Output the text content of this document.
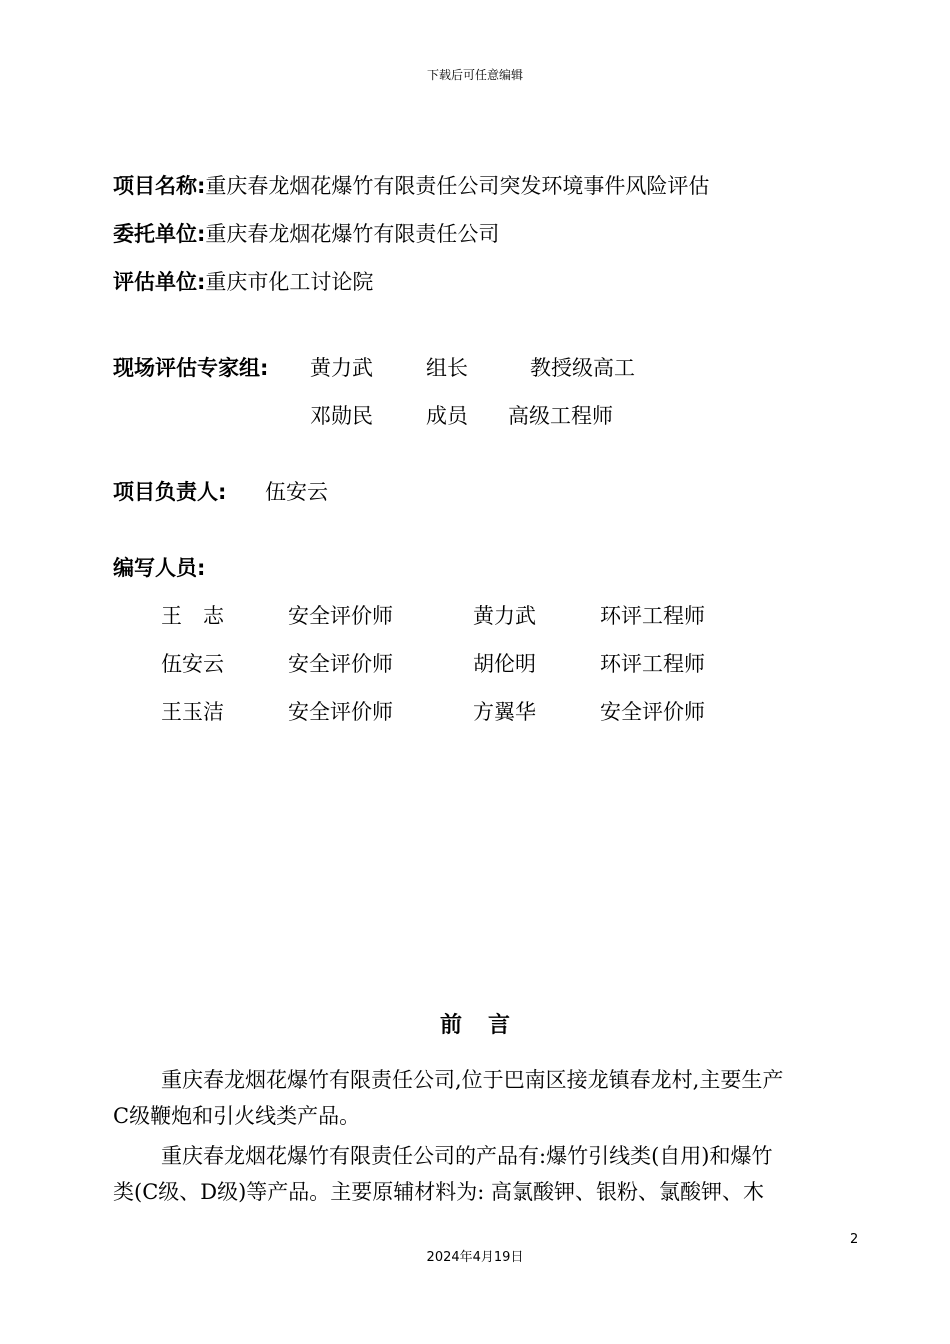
下载后可任意编辑
项目名称:重庆春龙烟花爆竹有限责任公司突发环境事件风险评估
委托单位:重庆春龙烟花爆竹有限责任公司
评估单位:重庆市化工讨论院
现场评估专家组: 黄力武	组长	教授级高工
邓勋民	成员 高级工程师
项目负责人: 伍安云
编写人员:
王　志	安全评价师	黄力武	环评工程师
伍安云	安全评价师	胡伦明	环评工程师
王玉洁	安全评价师	方翼华	安全评价师
前言
重庆春龙烟花爆竹有限责任公司,位于巴南区接龙镇春龙村,主要生产
C级鞭炮和引火线类产品。
重庆春龙烟花爆竹有限责任公司的产品有:爆竹引线类(自用)和爆竹
类(C级、D级)等产品。主要原辅材料为: 高氯酸钾、银粉、氯酸钾、木
2
2024年4月19日
